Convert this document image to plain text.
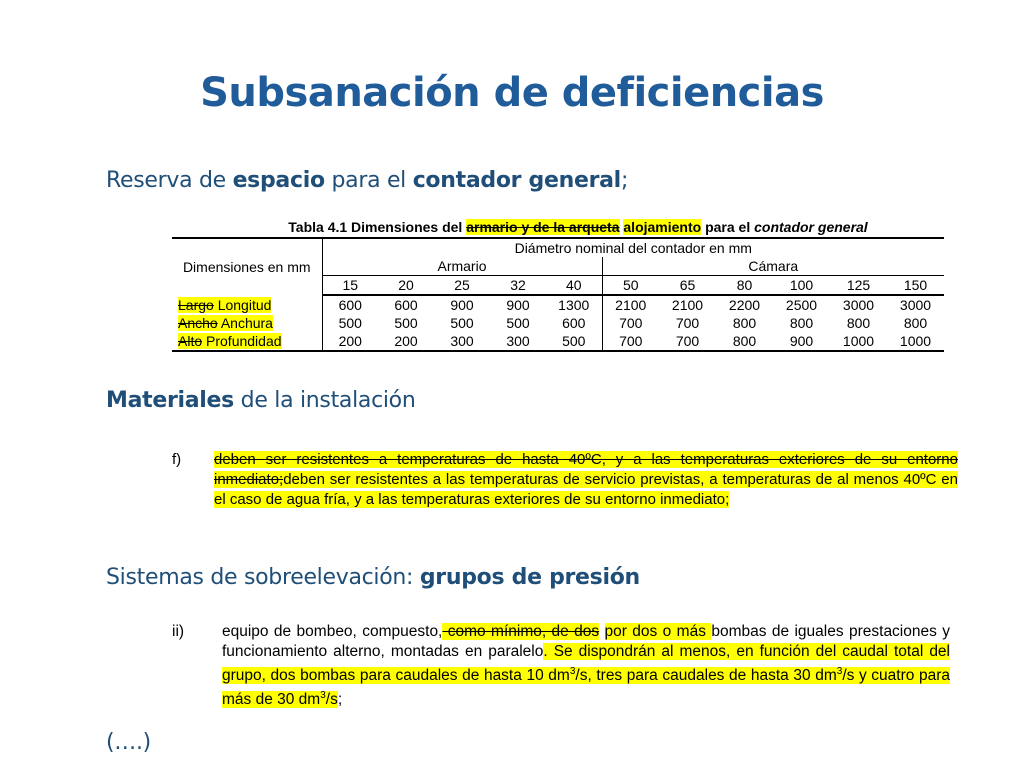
Subsanación de deficiencias
Reserva de espacio para el contador general;
Tabla 4.1 Dimensiones del armario y de la arqueta alojamiento para el contador general
Dimensiones en mm	Diámetro nominal del contador en mm										
	Armario					Cámara					
	15	20	25	32	40	50	65	80	100	125	150
Largo Longitud	600	600	900	900	1300	2100	2100	2200	2500	3000	3000
Ancho Anchura	500	500	500	500	600	700	700	800	800	800	800
Alto Profundidad	200	200	300	300	500	700	700	800	900	1000	1000
Materiales de la instalación
f) deben ser resistentes a temperaturas de hasta 40ºC, y a las temperaturas exteriores de su entorno inmediato;deben ser resistentes a las temperaturas de servicio previstas, a temperaturas de al menos 40ºC en el caso de agua fría, y a las temperaturas exteriores de su entorno inmediato;
Sistemas de sobreelevación: grupos de presión
ii) equipo de bombeo, compuesto, como mínimo, de dos por dos o más bombas de iguales prestaciones y funcionamiento alterno, montadas en paralelo. Se dispondrán al menos, en función del caudal total del grupo, dos bombas para caudales de hasta 10 $dm^3/s$, tres para caudales de hasta 30 $dm^3/s$ y cuatro para más de 30 $dm^3/s$;
(….)
